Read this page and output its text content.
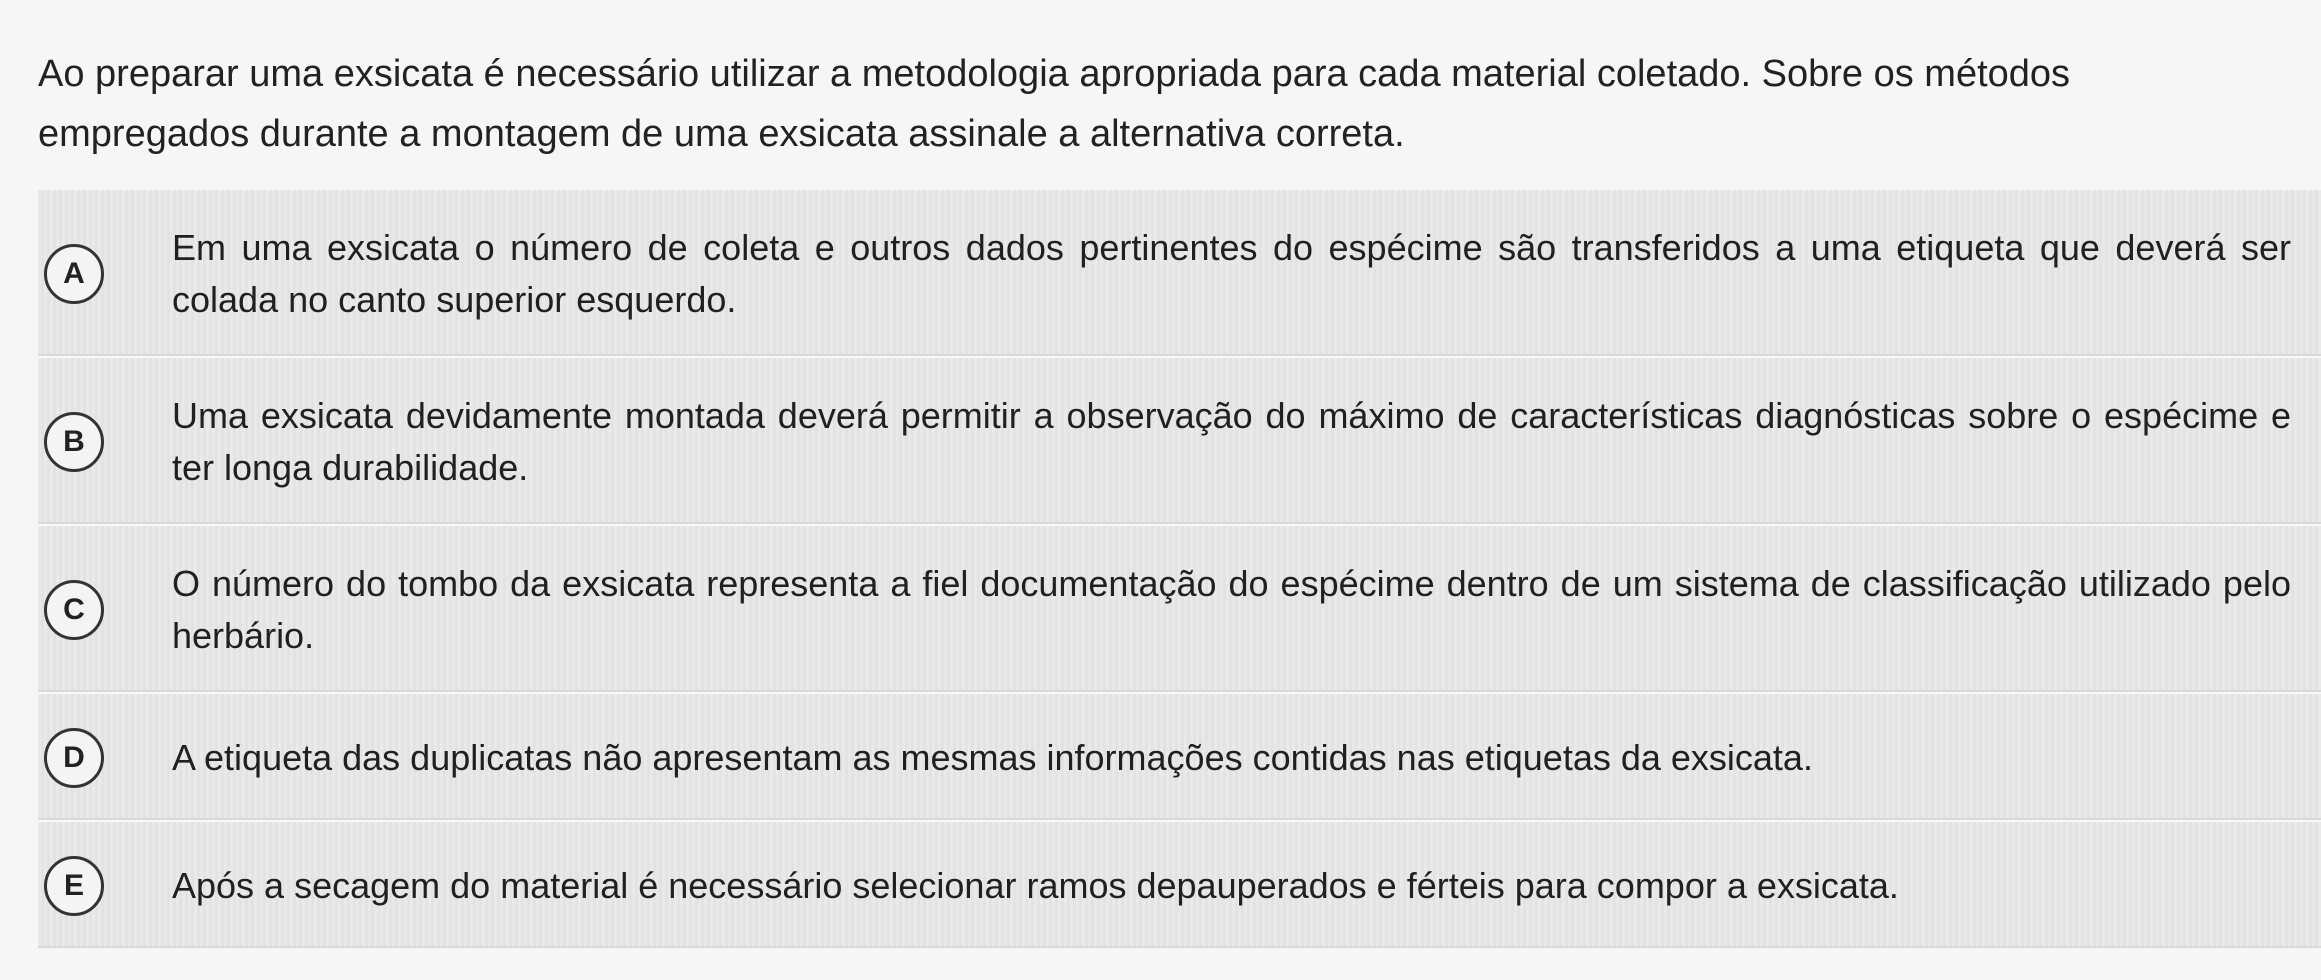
Ao preparar uma exsicata é necessário utilizar a metodologia apropriada para cada material coletado. Sobre os métodos empregados durante a montagem de uma exsicata assinale a alternativa correta.
A
Em uma exsicata o número de coleta e outros dados pertinentes do espécime são transferidos a uma etiqueta que deverá ser colada no canto superior esquerdo.
B
Uma exsicata devidamente montada deverá permitir a observação do máximo de características diagnósticas sobre o espécime e ter longa durabilidade.
C
O número do tombo da exsicata representa a fiel documentação do espécime dentro de um sistema de classificação utilizado pelo herbário.
D	A etiqueta das duplicatas não apresentam as mesmas informações contidas nas etiquetas da exsicata.
E	Após a secagem do material é necessário selecionar ramos depauperados e férteis para compor a exsicata.
